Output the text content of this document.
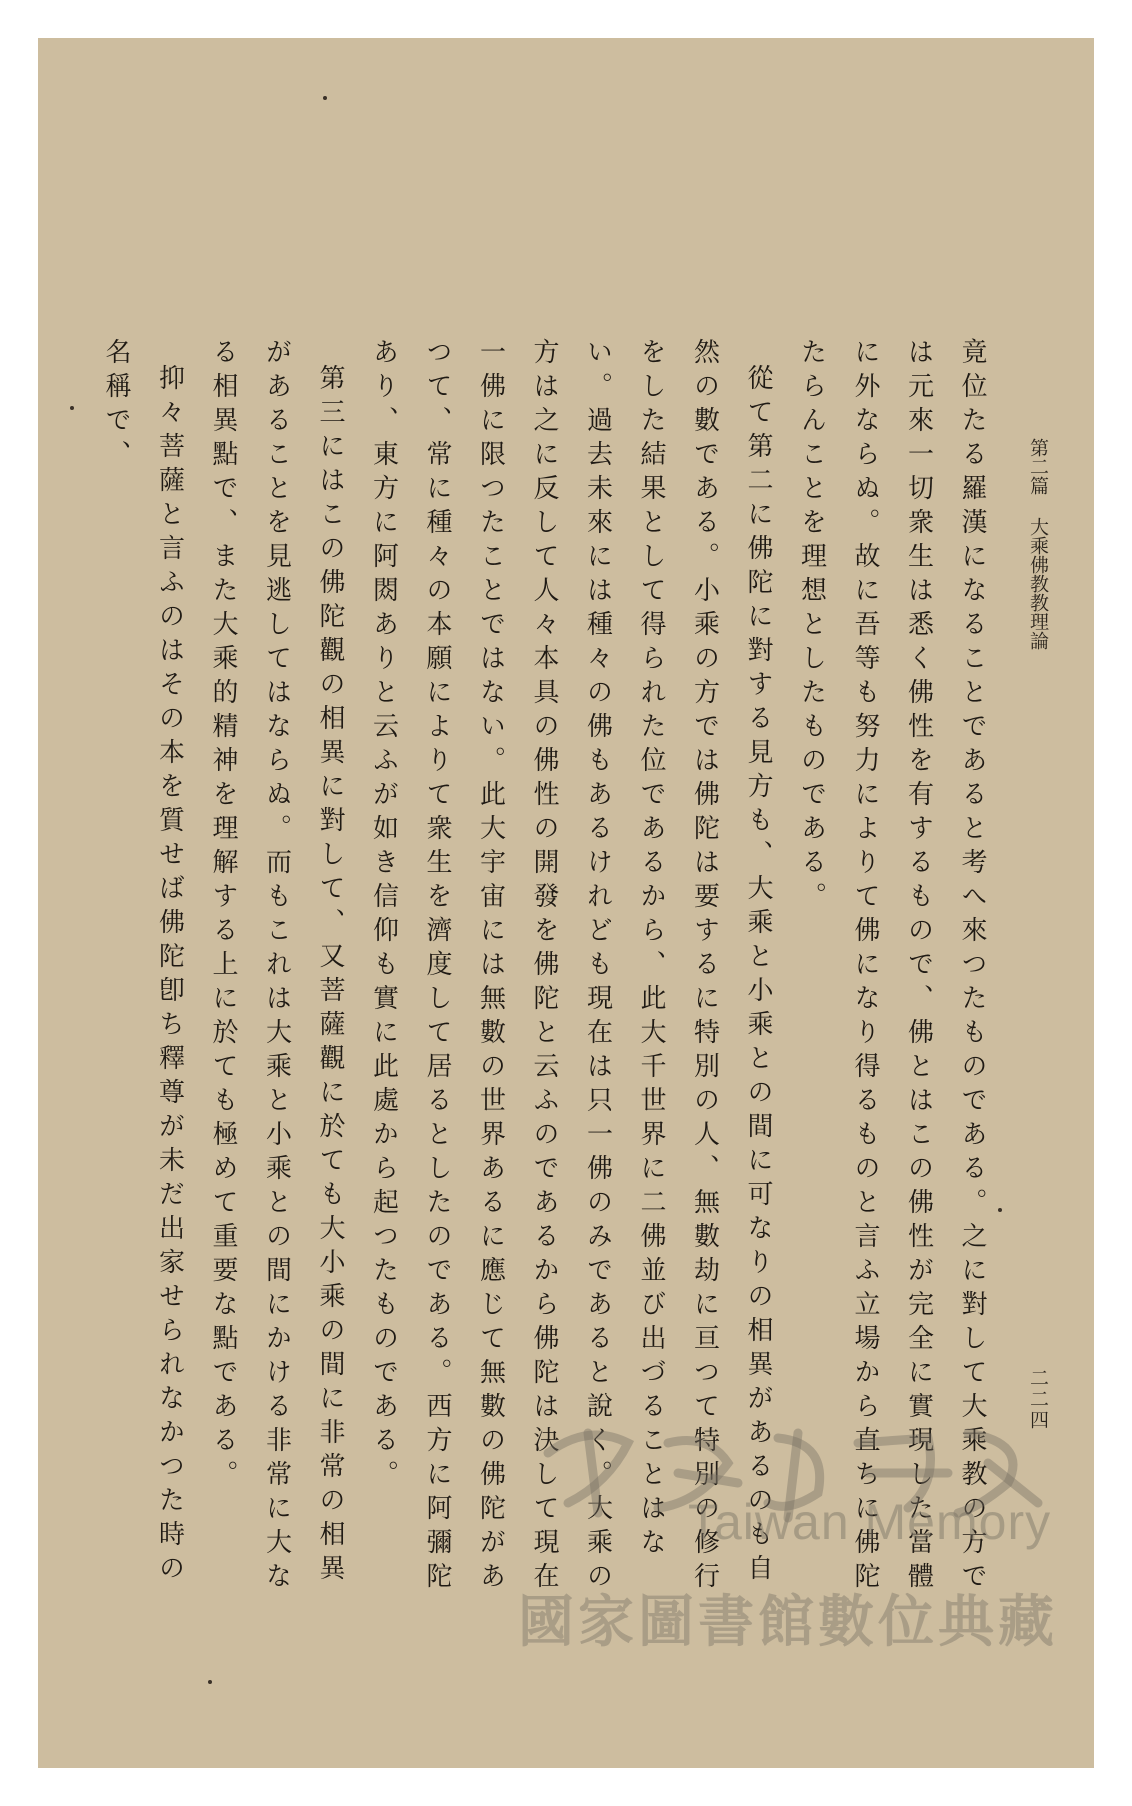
第二篇大乘佛教教理論
二二四

竟位たる羅漢になることであると考へ來つたものである。之に對して大乘教の方では元來一切衆生は悉く佛性を有するもので、佛とはこの佛性が完全に實現した當體に外ならぬ。故に吾等も努力によりて佛になり得るものと言ふ立場から直ちに佛陀たらんことを理想としたものである。

從て第二に佛陀に對する見方も、大乘と小乘との間に可なりの相異があるのも自然の數である。小乘の方では佛陀は要するに特別の人、無數劫に亘つて特別の修行をした結果として得られた位であるから、此大千世界に二佛並び出づることはない。過去未來には種々の佛もあるけれども現在は只一佛のみであると說く。大乘の方は之に反して人々本具の佛性の開發を佛陀と云ふのであるから佛陀は決して現在一佛に限つたことではない。此大宇宙には無數の世界あるに應じて無數の佛陀があつて、常に種々の本願によりて衆生を濟度して居るとしたのである。西方に阿彌陀あり、東方に阿閦ありと云ふが如き信仰も實に此處から起つたものである。

第三にはこの佛陀觀の相異に對して、又菩薩觀に於ても大小乘の間に非常の相異があることを見逃してはならぬ。而もこれは大乘と小乘との間にかける非常に大なる相異點で、また大乘的精神を理解する上に於ても極めて重要な點である。

抑々菩薩と言ふのはその本を質せば佛陀卽ち釋尊が未だ出家せられなかつた時の名稱で、

Taiwan Memory
國家圖書館數位典藏
